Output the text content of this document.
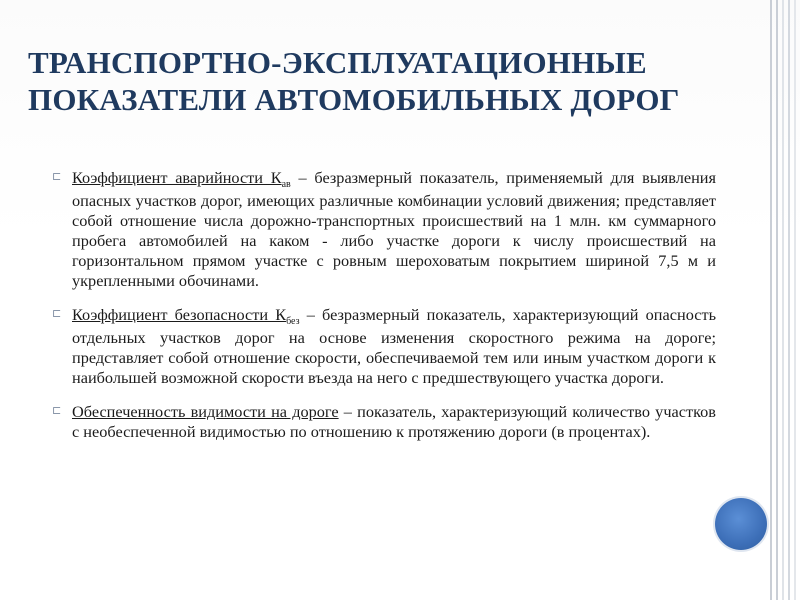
ТРАНСПОРТНО-ЭКСПЛУАТАЦИОННЫЕ
ПОКАЗАТЕЛИ АВТОМОБИЛЬНЫХ ДОРОГ
⊏ Коэффициент аварийности $К_{ав}$ – безразмерный показатель, применяемый для выявления опасных участков дорог, имеющих различные комбинации условий движения; представляет собой отношение числа дорожно-транспортных происшествий на 1 млн. км суммарного пробега автомобилей на каком - либо участке дороги к числу происшествий на горизонтальном прямом участке с ровным шероховатым покрытием шириной 7,5 м и укрепленными обочинами.
⊏ Коэффициент безопасности $К_{без}$ – безразмерный показатель, характеризующий опасность отдельных участков дорог на основе изменения скоростного режима на дороге; представляет собой отношение скорости, обеспечиваемой тем или иным участком дороги к наибольшей возможной скорости въезда на него с предшествующего участка дороги.
⊏ Обеспеченность видимости на дороге – показатель, характеризующий количество участков с необеспеченной видимостью по отношению к протяжению дороги (в процентах).
